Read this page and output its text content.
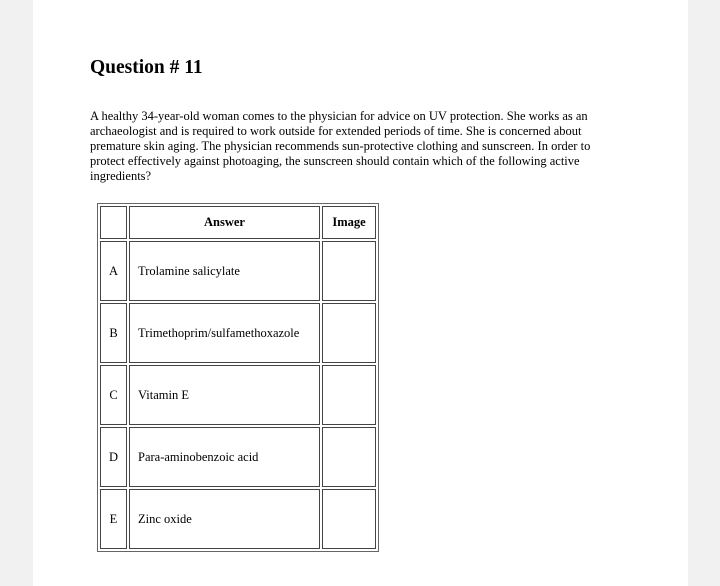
Question # 11

A healthy 34-year-old woman comes to the physician for advice on UV protection. She works as an archaeologist and is required to work outside for extended periods of time. She is concerned about premature skin aging. The physician recommends sun-protective clothing and sunscreen. In order to protect effectively against photoaging, the sunscreen should contain which of the following active ingredients?

	Answer	Image
A	Trolamine salicylate	
B	Trimethoprim/sulfamethoxazole	
C	Vitamin E	
D	Para-aminobenzoic acid	
E	Zinc oxide	
